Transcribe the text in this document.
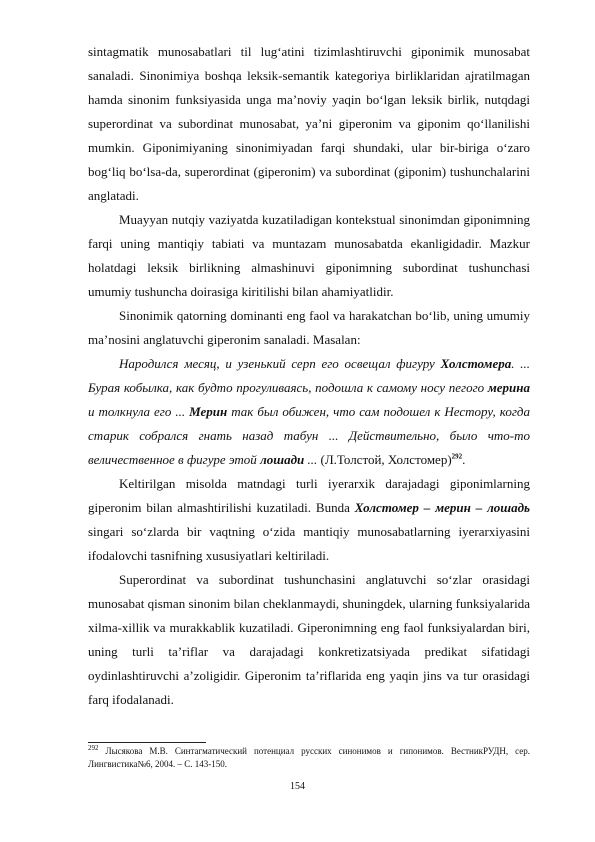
sintagmatik munosabatlari til lug‘atini tizimlashtiruvchi giponimik munosabat sanaladi. Sinonimiya boshqa leksik-semantik kategoriya birliklaridan ajratilmagan hamda sinonim funksiyasida unga ma’noviy yaqin bo‘lgan leksik birlik, nutqdagi superordinat va subordinat munosabat, ya’ni giperonim va giponim qo‘llanilishi mumkin. Giponimiyaning sinonimiyadan farqi shundaki, ular bir-biriga o‘zaro bog‘liq bo‘lsa-da, superordinat (giperonim) va subordinat (giponim) tushunchalarini anglatadi.

Muayyan nutqiy vaziyatda kuzatiladigan kontekstual sinonimdan giponimning farqi uning mantiqiy tabiati va muntazam munosabatda ekanligidadir. Mazkur holatdagi leksik birlikning almashinuvi giponimning subordinat tushunchasi umumiy tushuncha doirasiga kiritilishi bilan ahamiyatlidir.

Sinonimik qatorning dominanti eng faol va harakatchan bo‘lib, uning umumiy ma’nosini anglatuvchi giperonim sanaladi. Masalan:

Народился месяц, и узенький серп его освещал фигуру Холстомера. ... Бурая кобылка, как будто прогуливаясь, подошла к самому носу пегого мерина и толкнула его ... Мерин так был обижен, что сам подошел к Нестору, когда старик собрался гнать назад табун ... Действительно, было что-то величественное в фигуре этой лошади ... (Л.Толстой, Холстомер)$^{292}$.

Keltirilgan misolda matndagi turli iyerarxik darajadagi giponimlarning giperonim bilan almashtirilishi kuzatiladi. Bunda Холстомер – мерин – лошадь singari so‘zlarda bir vaqtning o‘zida mantiqiy munosabatlarning iyerarxiyasini ifodalovchi tasnifning xususiyatlari keltiriladi.

Superordinat va subordinat tushunchasini anglatuvchi so‘zlar orasidagi munosabat qisman sinonim bilan cheklanmaydi, shuningdek, ularning funksiyalarida xilma-xillik va murakkablik kuzatiladi. Giperonimning eng faol funksiyalardan biri, uning turli ta’riflar va darajadagi konkretizatsiyada predikat sifatidagi oydinlashtiruvchi a’zoligidir. Giperonim ta’riflarida eng yaqin jins va tur orasidagi farq ifodalanadi.

$^{292}$ Лысякова М.В. Синтагматический потенциал русских синонимов и гипонимов. ВестникРУДН, сер. Лингвистика№6, 2004. – С. 143-150.

154
